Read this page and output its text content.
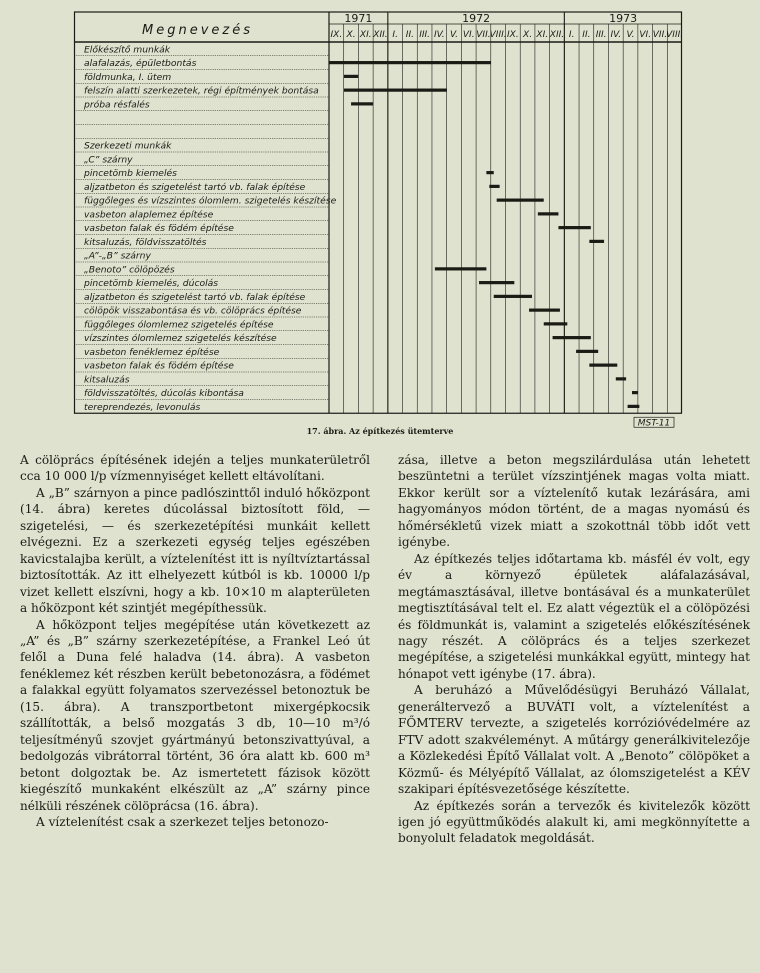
Megnevezés
1971	1972	1973
IX. X. XI. XII. I. II. III. IV. V. VI. VII. VIII. IX. X. XI. XII. I. II. III. IV. V. VI. VII. VIII.
Előkészítő munkák
alafalazás, épületbontás
földmunka, I. ütem
felszín alatti szerkezetek, régi építmények bontása
próba résfalés
Szerkezeti munkák
„C” szárny
pincetömb kiemelés
aljzatbeton és szigetelést tartó vb. falak építése
függőleges és vízszintes ólomlem. szigetelés készítése
vasbeton alaplemez építése
vasbeton falak és födém építése
kitsaluzás, földvisszatöltés
„A”-„B” szárny
„Benoto” cölöpözés
pincetömb kiemelés, dúcolás
aljzatbeton és szigetelést tartó vb. falak építése
cölöpök visszabontása és vb. cölöprács építése
függőleges ólomlemez szigetelés építése
vízszintes ólomlemez szigetelés készítése
vasbeton fenéklemez építése
vasbeton falak és födém építése
kitsaluzás
földvisszatöltés, dúcolás kibontása
tereprendezés, levonulás
MST-11
17. ábra. Az építkezés ütemterve

A cölöprács építésének idején a teljes munkaterületről cca 10 000 l/p vízmennyiséget kellett eltávolítani.

A „B” szárnyon a pince padlószinttől induló hőközpont (14. ábra) keretes dúcolással biztosított föld, — szigetelési, — és szerkezetépítési munkáit kellett elvégezni. Ez a szerkezeti egység teljes egészében kavicstalajba került, a víztelenítést itt is nyíltvíztartással biztosították. Az itt elhelyezett kútból is kb. 10000 l/p vizet kellett elszívni, hogy a kb. 10×10 m alapterületen a hőközpont két szintjét megépíthessük.

A hőközpont teljes megépítése után következett az „A” és „B” szárny szerkezetépítése, a Frankel Leó út felől a Duna felé haladva (14. ábra). A vasbeton fenéklemez két részben került bebetonozásra, a födémet a falakkal együtt folyamatos szervezéssel betonoztuk be (15. ábra). A transzportbetont mixergépkocsik szállították, a belső mozgatás 3 db, 10—10 m³/ó teljesítményű szovjet gyártmányú betonszivattyúval, a bedolgozás vibrátorral történt, 36 óra alatt kb. 600 m³ betont dolgoztak be. Az ismertetett fázisok között kiegészítő munkaként elkészült az „A” szárny pince nélküli részének cölöprácsa (16. ábra).

A víztelenítést csak a szerkezet teljes betonozo-

zása, illetve a beton megszilárdulása után lehetett beszüntetni a terület vízszintjének magas volta miatt. Ekkor került sor a víztelenítő kutak lezárására, ami hagyományos módon történt, de a magas nyomású és hőmérsékletű vizek miatt a szokottnál több időt vett igénybe.

Az építkezés teljes időtartama kb. másfél év volt, egy év a környező épületek aláfalazásával, megtámasztásával, illetve bontásával és a munkaterület megtisztításával telt el. Ez alatt végeztük el a cölöpözési és földmunkát is, valamint a szigetelés előkészítésének nagy részét. A cölöprács és a teljes szerkezet megépítése, a szigetelési munkákkal együtt, mintegy hat hónapot vett igénybe (17. ábra).

A beruházó a Művelődésügyi Beruházó Vállalat, generáltervező a BUVÁTI volt, a víztelenítést a FŐMTERV tervezte, a szigetelés korrózióvédelmére az FTV adott szakvéleményt. A műtárgy generálkivitelezője a Közlekedési Építő Vállalat volt. A „Benoto” cölöpöket a Közmű- és Mélyépítő Vállalat, az ólomszigetelést a KÉV szakipari építésvezetősége készítette.

Az építkezés során a tervezők és kivitelezők között igen jó együttműködés alakult ki, ami megkönnyítette a bonyolult feladatok megoldását.
